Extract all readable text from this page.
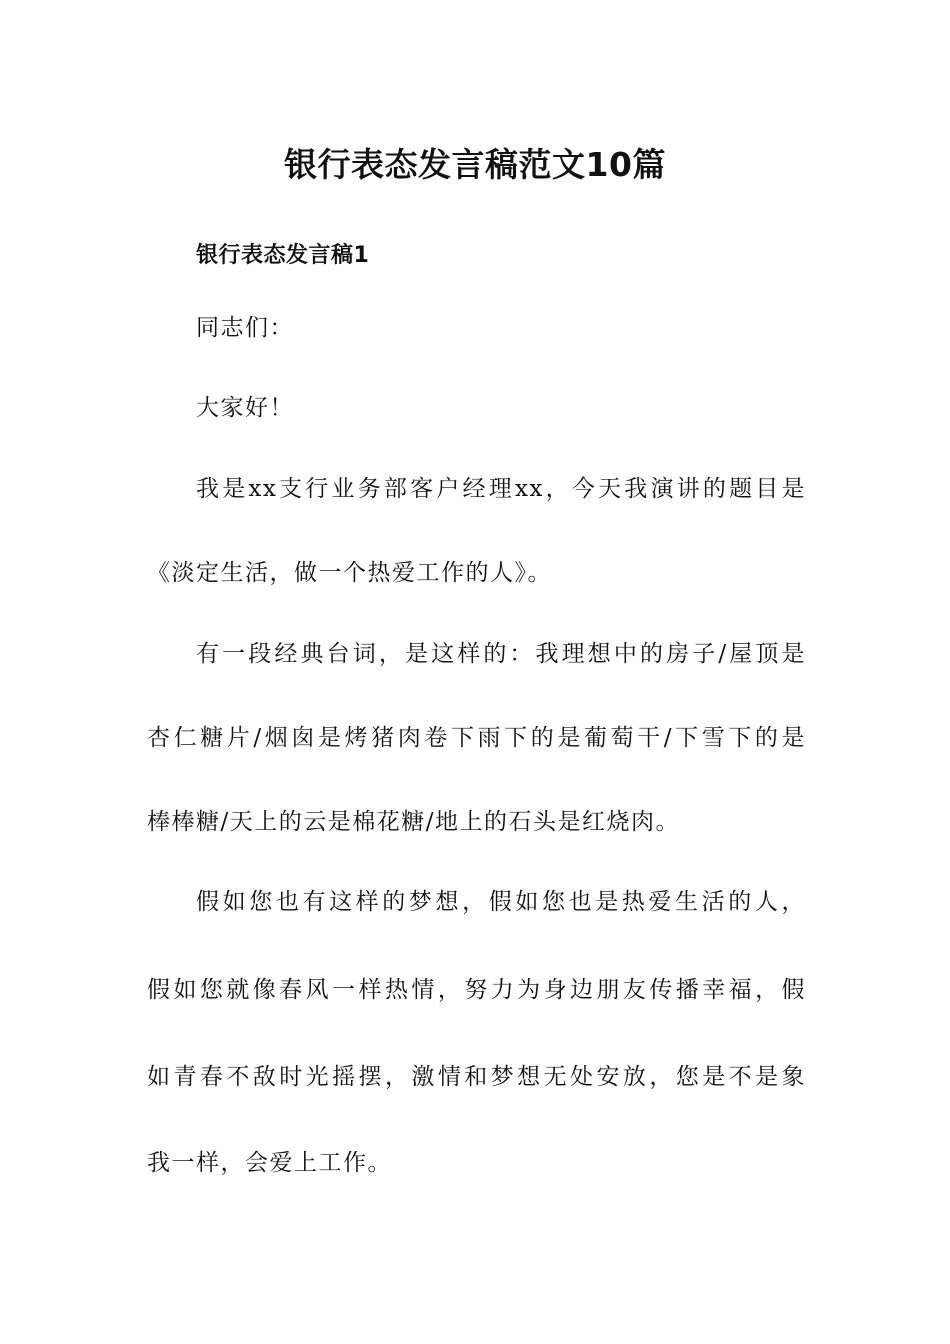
银行表态发言稿范文10篇
银行表态发言稿1
同志们：
大家好！
我是xx支行业务部客户经理xx，今天我演讲的题目是
《淡定生活，做一个热爱工作的人》。
有一段经典台词，是这样的：我理想中的房子/屋顶是
杏仁糖片/烟囱是烤猪肉卷下雨下的是葡萄干/下雪下的是
棒棒糖/天上的云是棉花糖/地上的石头是红烧肉。
假如您也有这样的梦想，假如您也是热爱生活的人，
假如您就像春风一样热情，努力为身边朋友传播幸福，假
如青春不敌时光摇摆，激情和梦想无处安放，您是不是象
我一样，会爱上工作。
